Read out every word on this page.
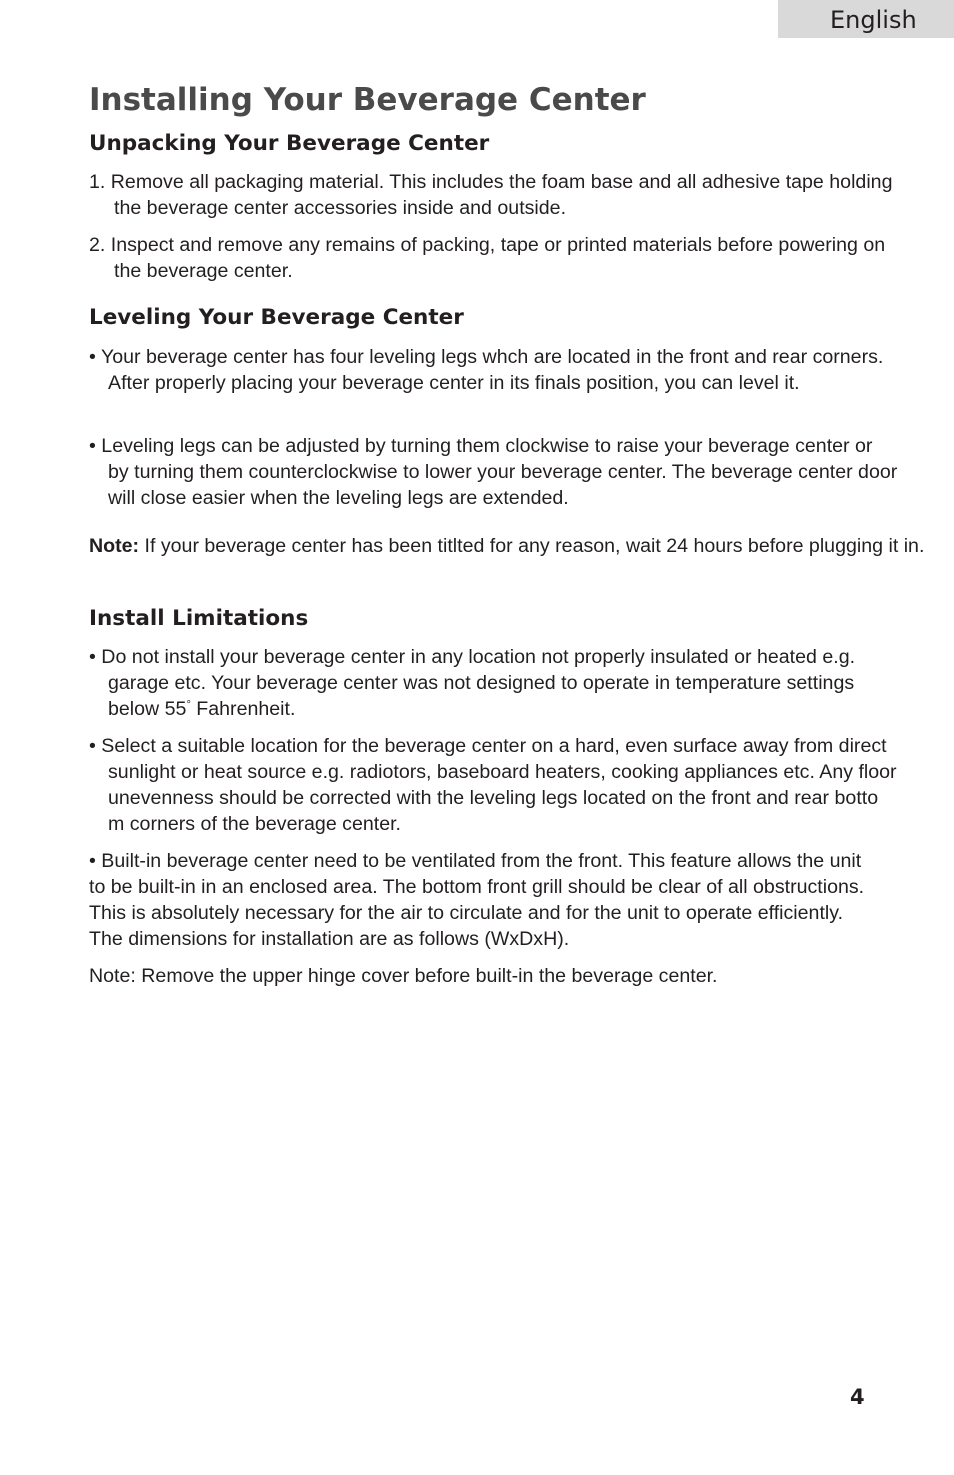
English
Installing Your Beverage Center
Unpacking Your Beverage Center

1. Remove all packaging material. This includes the foam base and all adhesive tape holding the beverage center accessories inside and outside.

2. Inspect and remove any remains of packing, tape or printed materials before powering on the beverage center.

Leveling Your Beverage Center

• Your beverage center has four leveling legs whch are located in the front and rear corners. After properly placing your beverage center in its finals position, you can level it.

• Leveling legs can be adjusted by turning them clockwise to raise your beverage center or by turning them counterclockwise to lower your beverage center. The beverage center door will close easier when the leveling legs are extended.

Note: If your beverage center has been titlted for any reason, wait 24 hours before plugging it in.

Install Limitations

• Do not install your beverage center in any location not properly insulated or heated e.g. garage etc. Your beverage center was not designed to operate in temperature settings below 55° Fahrenheit.

• Select a suitable location for the beverage center on a hard, even surface away from direct sunlight or heat source e.g. radiotors, baseboard heaters, cooking appliances etc. Any floor unevenness should be corrected with the leveling legs located on the front and rear botto m corners of the beverage center.

• Built-in beverage center need to be ventilated from the front. This feature allows the unit to be built-in in an enclosed area. The bottom front grill should be clear of all obstructions. This is absolutely necessary for the air to circulate and for the unit to operate efficiently. The dimensions for installation are as follows (WxDxH).

Note: Remove the upper hinge cover before built-in the beverage center.

4
